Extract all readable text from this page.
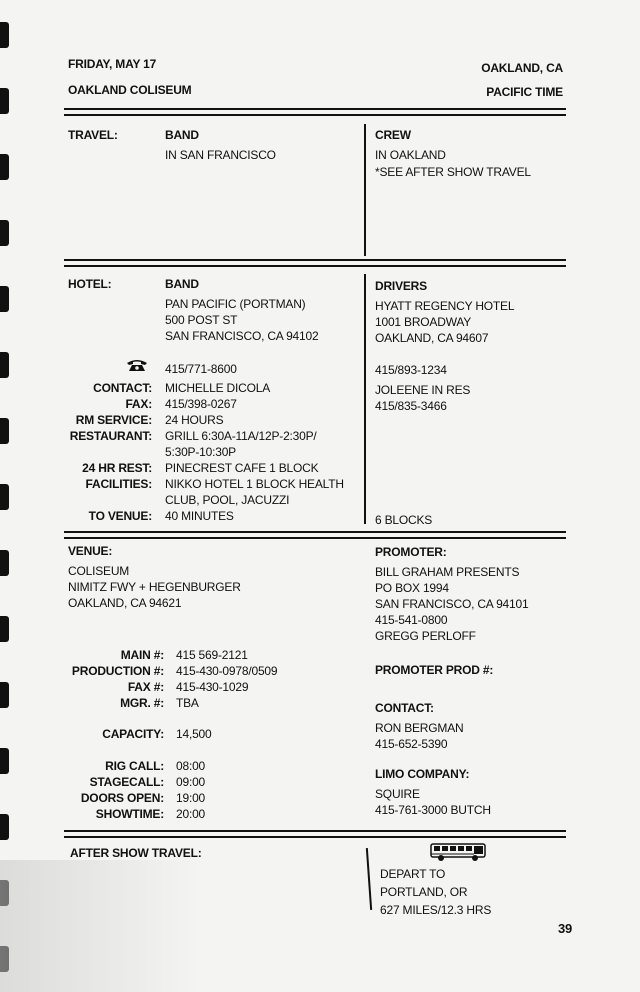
FRIDAY, MAY 17
OAKLAND COLISEUM
OAKLAND, CA
PACIFIC TIME
TRAVEL:	BAND
IN SAN FRANCISCO
CREW
IN OAKLAND
*SEE AFTER SHOW TRAVEL
HOTEL:	BAND
PAN PACIFIC (PORTMAN)
500 POST ST
SAN FRANCISCO, CA 94102
415/771-8600
CONTACT:
FAX:
RM SERVICE:
RESTAURANT:
24 HR REST:
FACILITIES:
TO VENUE:
MICHELLE DICOLA
415/398-0267
24 HOURS
GRILL 6:30A-11A/12P-2:30P/
5:30P-10:30P
PINECREST CAFE 1 BLOCK
NIKKO HOTEL 1 BLOCK HEALTH
CLUB, POOL, JACUZZI
40 MINUTES
DRIVERS
HYATT REGENCY HOTEL
1001 BROADWAY
OAKLAND, CA 94607
415/893-1234
JOLEENE IN RES
415/835-3466
6 BLOCKS
VENUE:
COLISEUM
NIMITZ FWY + HEGENBURGER
OAKLAND, CA 94621
MAIN #:
PRODUCTION #:
FAX #:
MGR. #:
415 569-2121
415-430-0978/0509
415-430-1029
TBA
CAPACITY: 14,500
RIG CALL:
STAGECALL:
DOORS OPEN:
SHOWTIME:
08:00
09:00
19:00
20:00
PROMOTER:
BILL GRAHAM PRESENTS
PO BOX 1994
SAN FRANCISCO, CA 94101
415-541-0800
GREGG PERLOFF
PROMOTER PROD #:
CONTACT:
RON BERGMAN
415-652-5390
LIMO COMPANY:
SQUIRE
415-761-3000 BUTCH
AFTER SHOW TRAVEL:
DEPART TO
PORTLAND, OR
627 MILES/12.3 HRS
39
